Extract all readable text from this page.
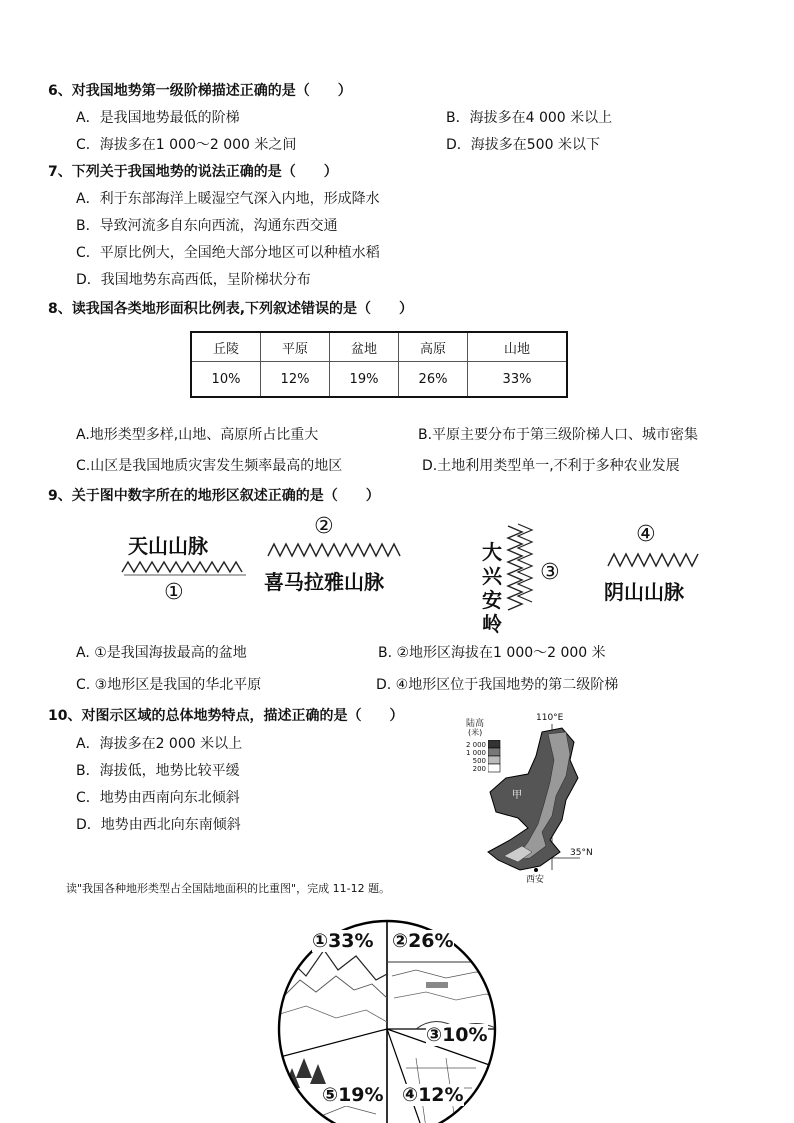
6、对我国地势第一级阶梯描述正确的是（　　）
A．是我国地势最低的阶梯	B．海拔多在4 000 米以上
C．海拔多在1 000～2 000 米之间	D．海拔多在500 米以下
7、下列关于我国地势的说法正确的是（　　）
A．利于东部海洋上暖湿空气深入内地，形成降水
B．导致河流多自东向西流，沟通东西交通
C．平原比例大，全国绝大部分地区可以种植水稻
D．我国地势东高西低，呈阶梯状分布
8、读我国各类地形面积比例表,下列叙述错误的是（　　）
丘陵	平原	盆地	高原	山地
10%	12%	19%	26%	33%
A.地形类型多样,山地、高原所占比重大	B.平原主要分布于第三级阶梯人口、城市密集
C.山区是我国地质灾害发生频率最高的地区	D.土地利用类型单一,不利于多种农业发展
9、关于图中数字所在的地形区叙述正确的是（　　）
天山山脉
①
②
喜马拉雅山脉
大
兴
安
岭
③
④
阴山山脉
A. ①是我国海拔最高的盆地	B. ②地形区海拔在1 000～2 000 米
C. ③地形区是我国的华北平原	D. ④地形区位于我国地势的第二级阶梯
10、对图示区域的总体地势特点，描述正确的是（　　）
A．海拔多在2 000 米以上
B．海拔低，地势比较平缓
C．地势由西南向东北倾斜
D．地势由西北向东南倾斜
陆高
(米)
2 000
1 000
500
200
110°E
甲
35°N
西安
读"我国各种地形类型占全国陆地面积的比重图"，完成 11-12 题。
①33% ②26%
③10%
④12%
⑤19%
